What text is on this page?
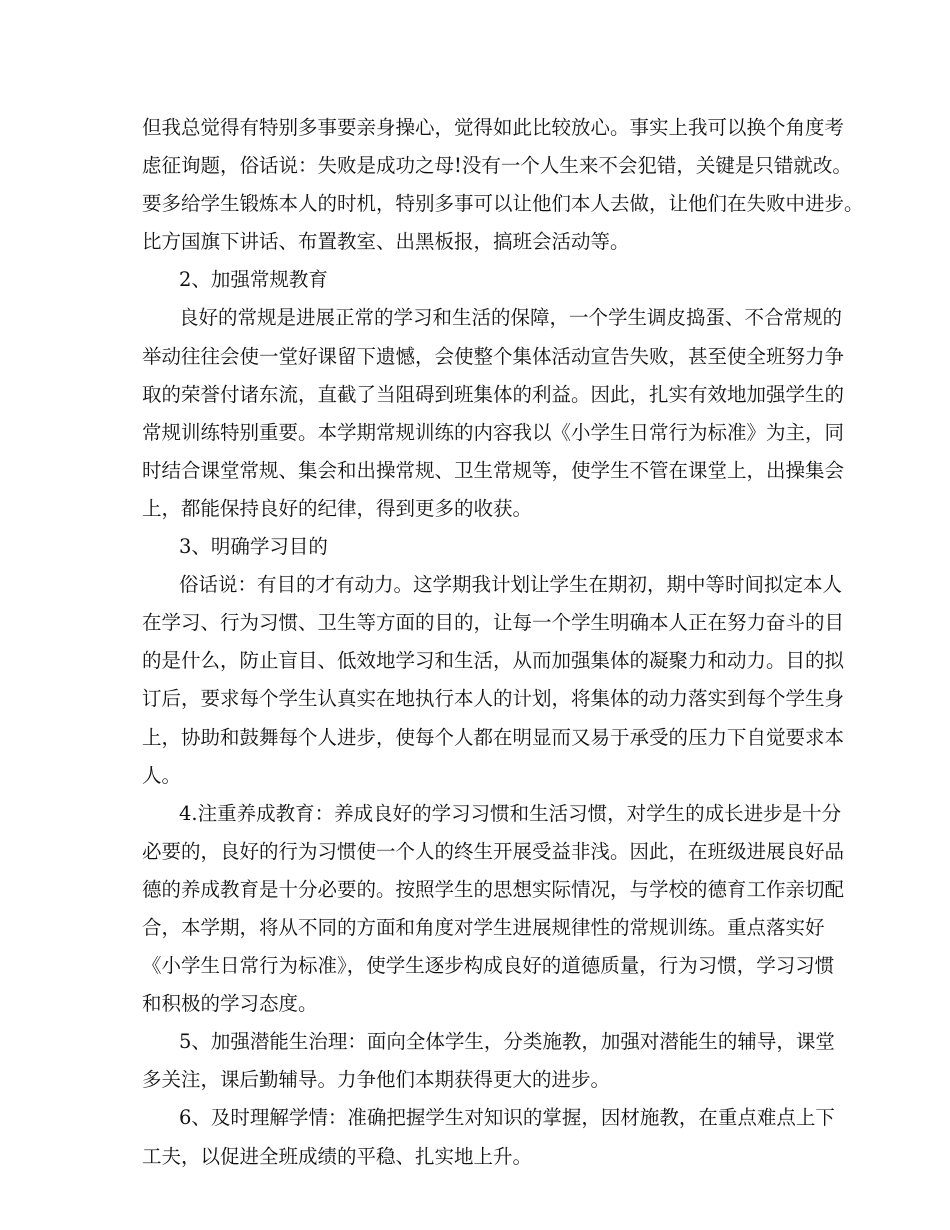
但我总觉得有特别多事要亲身操心，觉得如此比较放心。事实上我可以换个角度考
虑征询题，俗话说：失败是成功之母!没有一个人生来不会犯错，关键是只错就改。
要多给学生锻炼本人的时机，特别多事可以让他们本人去做，让他们在失败中进步。
比方国旗下讲话、布置教室、出黑板报，搞班会活动等。
2、加强常规教育
良好的常规是进展正常的学习和生活的保障，一个学生调皮捣蛋、不合常规的
举动往往会使一堂好课留下遗憾，会使整个集体活动宣告失败，甚至使全班努力争
取的荣誉付诸东流，直截了当阻碍到班集体的利益。因此，扎实有效地加强学生的
常规训练特别重要。本学期常规训练的内容我以《小学生日常行为标准》为主，同
时结合课堂常规、集会和出操常规、卫生常规等，使学生不管在课堂上，出操集会
上，都能保持良好的纪律，得到更多的收获。
3、明确学习目的
俗话说：有目的才有动力。这学期我计划让学生在期初，期中等时间拟定本人
在学习、行为习惯、卫生等方面的目的，让每一个学生明确本人正在努力奋斗的目
的是什么，防止盲目、低效地学习和生活，从而加强集体的凝聚力和动力。目的拟
订后，要求每个学生认真实在地执行本人的计划，将集体的动力落实到每个学生身
上，协助和鼓舞每个人进步，使每个人都在明显而又易于承受的压力下自觉要求本
人。
4.注重养成教育：养成良好的学习习惯和生活习惯，对学生的成长进步是十分
必要的，良好的行为习惯使一个人的终生开展受益非浅。因此，在班级进展良好品
德的养成教育是十分必要的。按照学生的思想实际情况，与学校的德育工作亲切配
合，本学期，将从不同的方面和角度对学生进展规律性的常规训练。重点落实好
《小学生日常行为标准》，使学生逐步构成良好的道德质量，行为习惯，学习习惯
和积极的学习态度。
5、加强潜能生治理：面向全体学生，分类施教，加强对潜能生的辅导，课堂
多关注，课后勤辅导。力争他们本期获得更大的进步。
6、及时理解学情：准确把握学生对知识的掌握，因材施教，在重点难点上下
工夫，以促进全班成绩的平稳、扎实地上升。
